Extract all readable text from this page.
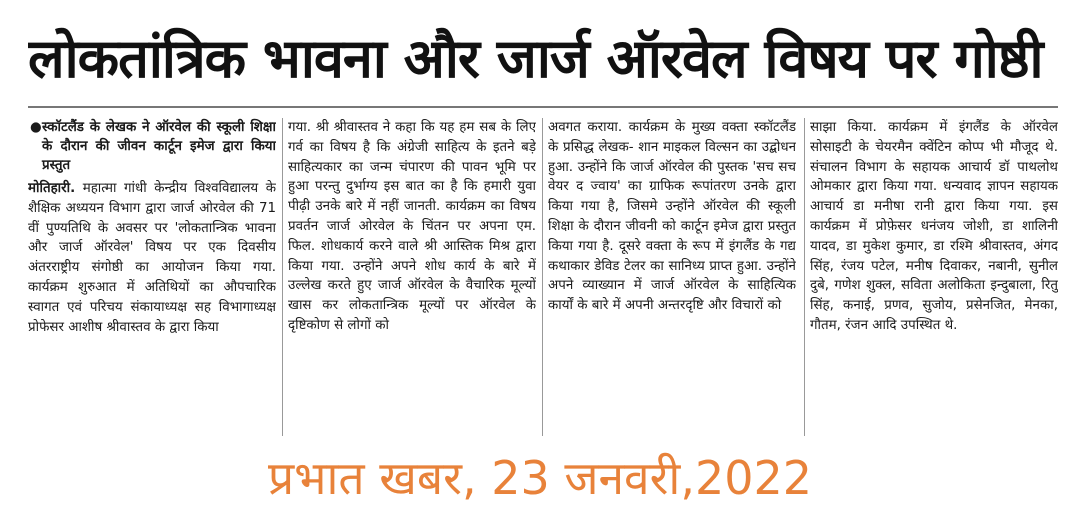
लोकतांत्रिक भावना और जार्ज ऑरवेल विषय पर गोष्ठी
● स्कॉटलैंड के लेखक ने ऑरवेल की स्कूली शिक्षा के दौरान की जीवन कार्टून इमेज द्वारा किया प्रस्तुत

मोतिहारी. महात्मा गांधी केन्द्रीय विश्वविद्यालय के शैक्षिक अध्ययन विभाग द्वारा जार्ज ओरवेल की 71 वीं पुण्यतिथि के अवसर पर 'लोकतान्त्रिक भावना और जार्ज ऑरवेल' विषय पर एक दिवसीय अंतरराष्ट्रीय संगोष्ठी का आयोजन किया गया. कार्यक्रम शुरुआत में अतिथियों का औपचारिक स्वागत एवं परिचय संकायाध्यक्ष सह विभागाध्यक्ष प्रोफेसर आशीष श्रीवास्तव के द्वारा किया

गया. श्री श्रीवास्तव ने कहा कि यह हम सब के लिए गर्व का विषय है कि अंग्रेजी साहित्य के इतने बड़े साहित्यकार का जन्म चंपारण की पावन भूमि पर हुआ परन्तु दुर्भाग्य इस बात का है कि हमारी युवा पीढ़ी उनके बारे में नहीं जानती. कार्यक्रम का विषय प्रवर्तन जार्ज ओरवेल के चिंतन पर अपना एम. फिल. शोधकार्य करने वाले श्री आस्तिक मिश्र द्वारा किया गया. उन्होंने अपने शोध कार्य के बारे में उल्लेख करते हुए जार्ज ऑरवेल के वैचारिक मूल्यों खास कर लोकतान्त्रिक मूल्यों पर ऑरवेल के दृष्टिकोण से लोगों को

अवगत कराया. कार्यक्रम के मुख्य वक्ता स्कॉटलैंड के प्रसिद्ध लेखक- शान माइकल विल्सन का उद्बोधन हुआ. उन्होंने कि जार्ज ऑरवेल की पुस्तक 'सच सच वेयर द ज्वाय' का ग्राफिक रूपांतरण उनके द्वारा किया गया है, जिसमे उन्होंने ऑरवेल की स्कूली शिक्षा के दौरान जीवनी को कार्टून इमेज द्वारा प्रस्तुत किया गया है. दूसरे वक्ता के रूप में इंगलैंड के गद्य कथाकार डेविड टेलर का सानिध्य प्राप्त हुआ. उन्होंने अपने व्याख्यान में जार्ज ऑरवेल के साहित्यिक कार्यों के बारे में अपनी अन्तरदृष्टि और विचारों को

साझा किया. कार्यक्रम में इंगलैंड के ऑरवेल सोसाइटी के चेयरमैन क्वेंटिन कोप्प भी मौजूद थे. संचालन विभाग के सहायक आचार्य डॉ पाथलोथ ओमकार द्वारा किया गया. धन्यवाद ज्ञापन सहायक आचार्य डा मनीषा रानी द्वारा किया गया. इस कार्यक्रम में प्रोफ़ेसर धनंजय जोशी, डा शालिनी यादव, डा मुकेश कुमार, डा रश्मि श्रीवास्तव, अंगद सिंह, रंजय पटेल, मनीष दिवाकर, नबानी, सुनील दुबे, गणेश शुक्ल, सविता अलोकिता इन्दुबाला, रितु सिंह, कनाई, प्रणव, सुजोय, प्रसेनजित, मेनका, गौतम, रंजन आदि उपस्थित थे.

प्रभात खबर, 23 जनवरी,2022
